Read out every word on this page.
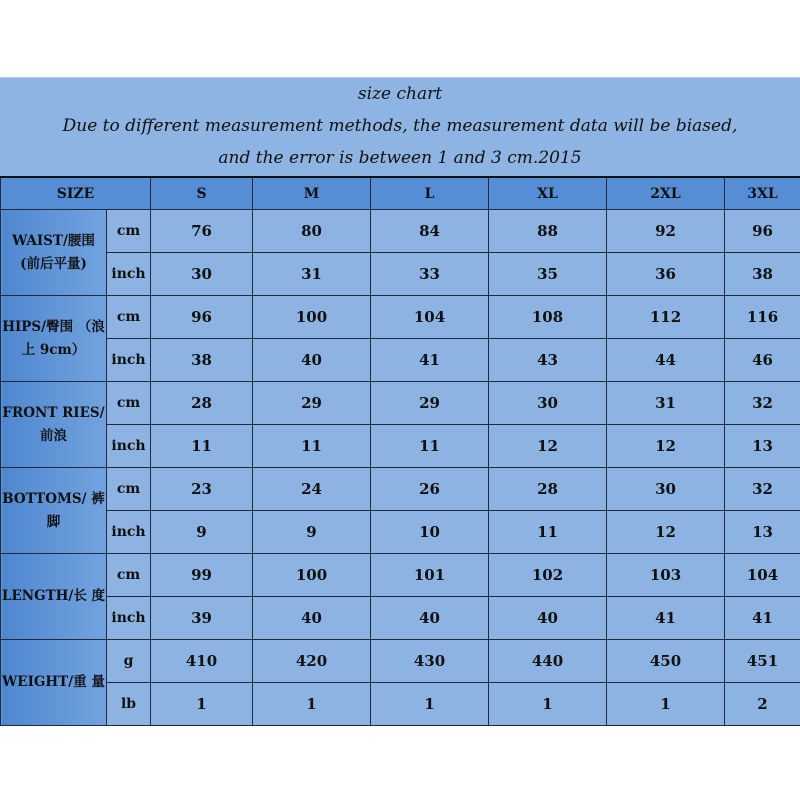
size chart
Due to different measurement methods, the measurement data will be biased,
and the error is between 1 and 3 cm.2015
SIZE		S	M	L	XL	2XL	3XL
WAIST/腰围 (前后平量)	cm	76	80	84	88	92	96
	inch	30	31	33	35	36	38
HIPS/臀围 （浪上 9cm）	cm	96	100	104	108	112	116
	inch	38	40	41	43	44	46
FRONT RIES/前浪	cm	28	29	29	30	31	32
	inch	11	11	11	12	12	13
BOTTOMS/ 裤脚	cm	23	24	26	28	30	32
	inch	9	9	10	11	12	13
LENGTH/长 度	cm	99	100	101	102	103	104
	inch	39	40	40	40	41	41
WEIGHT/重 量	g	410	420	430	440	450	451
	lb	1	1	1	1	1	2
